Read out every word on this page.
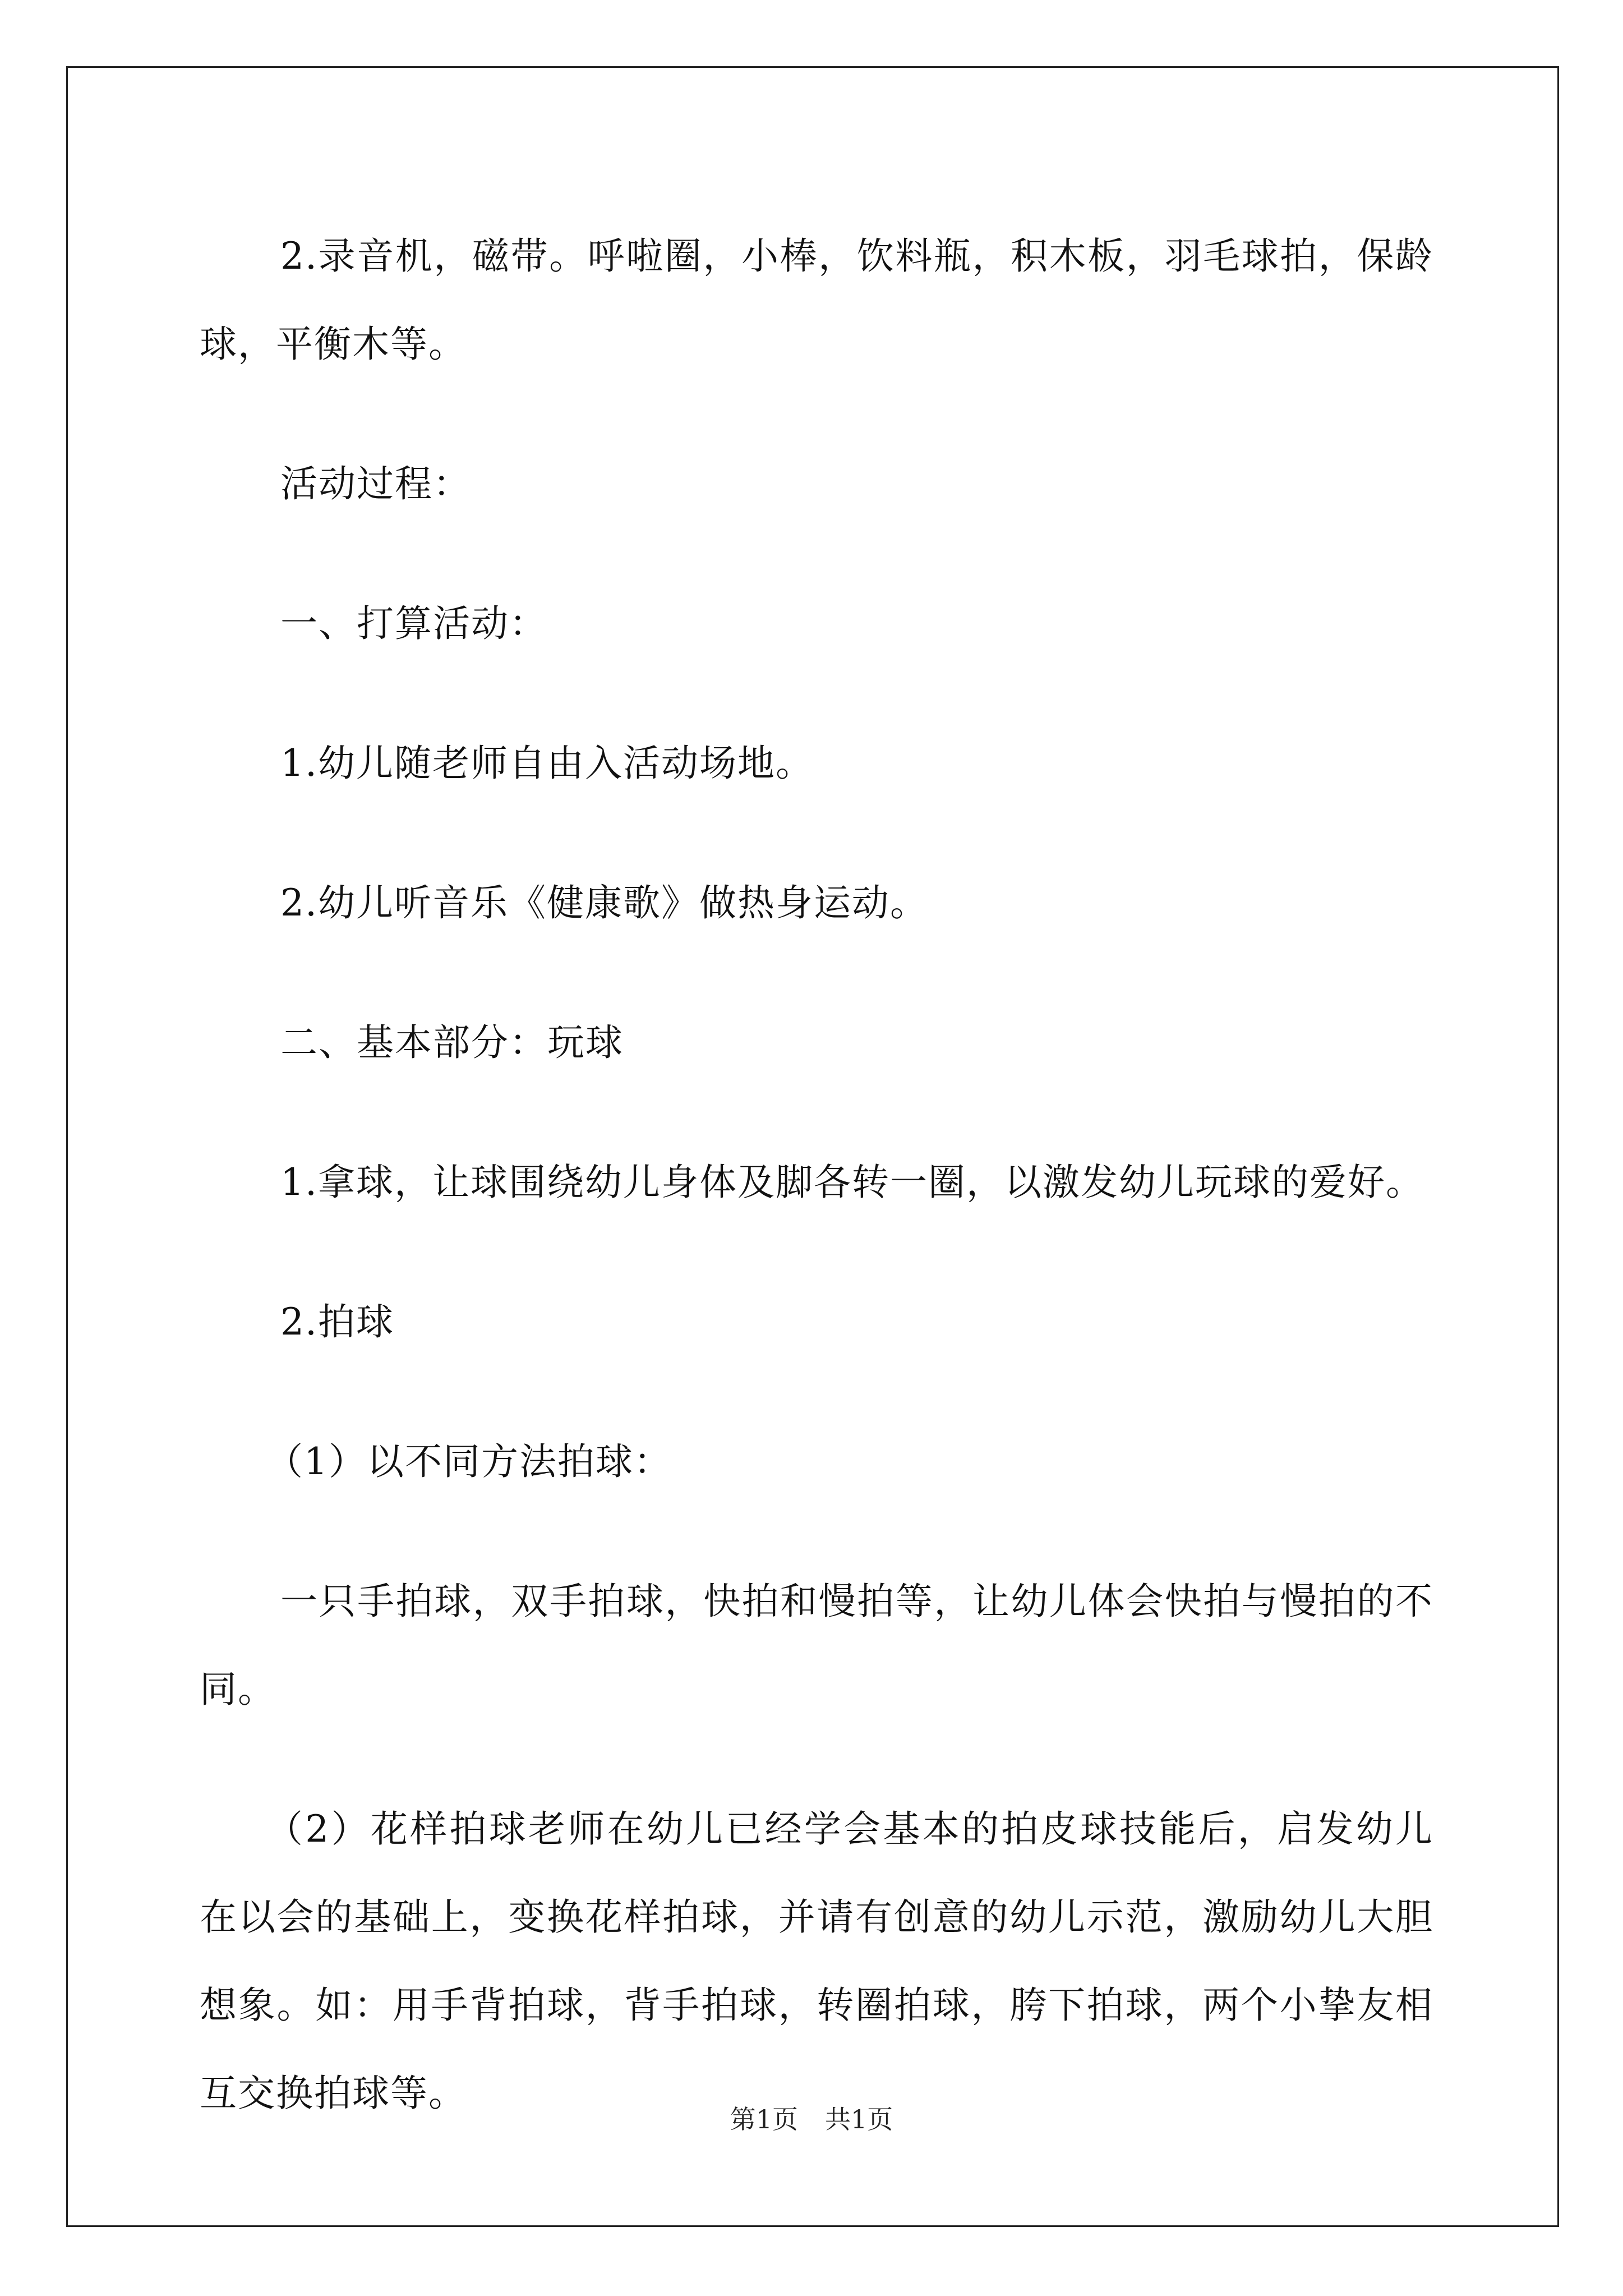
2.录音机，磁带。呼啦圈，小棒，饮料瓶，积木板，羽毛球拍，保龄球，平衡木等。

活动过程：

一、打算活动：

1.幼儿随老师自由入活动场地。

2.幼儿听音乐《健康歌》做热身运动。

二、基本部分：玩球

1.拿球，让球围绕幼儿身体及脚各转一圈，以激发幼儿玩球的爱好。

2.拍球

（1）以不同方法拍球：

一只手拍球，双手拍球，快拍和慢拍等，让幼儿体会快拍与慢拍的不同。

（2）花样拍球老师在幼儿已经学会基本的拍皮球技能后，启发幼儿在以会的基础上，变换花样拍球，并请有创意的幼儿示范，激励幼儿大胆想象。如：用手背拍球，背手拍球，转圈拍球，胯下拍球，两个小挚友相互交换拍球等。

第1页 共1页
